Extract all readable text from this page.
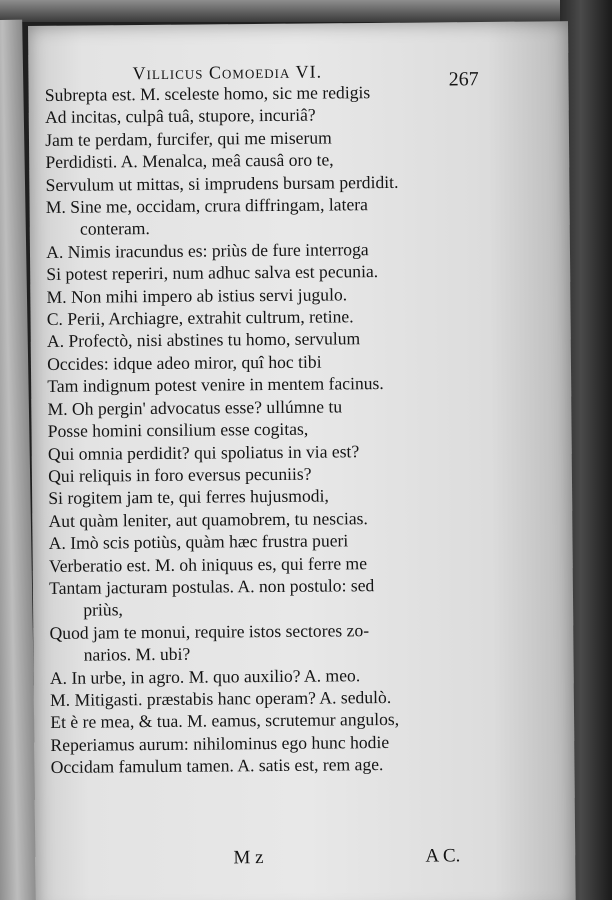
Villicus Comoedia VI.	267
Subrepta est. M. scelestе homo, sic me redigis
Ad incitas, culpâ tuâ, stupore, incuriâ?
Jam te perdam, furcifer, qui me miserum
Perdidisti. A. Menalca, meâ causâ oro te,
Servulum ut mittas, si imprudens bursam perdidit.
M. Sine me, occidam, crura diffringam, latera
conteram.
A. Nimis iracundus es: priùs de fure interroga
Si potest reperiri, num adhuc salva est pecunia.
M. Non mihi impero ab istius servi jugulo.
C. Perii, Archiagre, extrahit cultrum, retine.
A. Profectò, nisi abstines tu homo, servulum
Occides: idque adeo miror, quî hoc tibi
Tam indignum potest venire in mentem facinus.
M. Oh pergin' advocatus esse? ullúmne tu
Posse homini consilium esse cogitas,
Qui omnia perdidit? qui spoliatus in via est?
Qui reliquis in foro eversus pecuniis?
Si rogitem jam te, qui ferres hujusmodi,
Aut quàm leniter, aut quamobrem, tu nescias.
A. Imò scis potiùs, quàm hæc frustra pueri
Verberatio est. M. oh iniquus es, qui ferre me
Tantam jacturam postulas. A. non postulo: sed
priùs,
Quod jam te monui, require istos sectores zo-
narios. M. ubi?
A. In urbe, in agro. M. quo auxilio? A. meo.
M. Mitigasti. præstabis hanc operam? A. sedulò.
Et è re mea, & tua. M. eamus, scrutemur angulos,
Reperiamus aurum: nihilominus ego hunc hodie
Occidam famulum tamen. A. satis est, rem age.
M z	A C.
